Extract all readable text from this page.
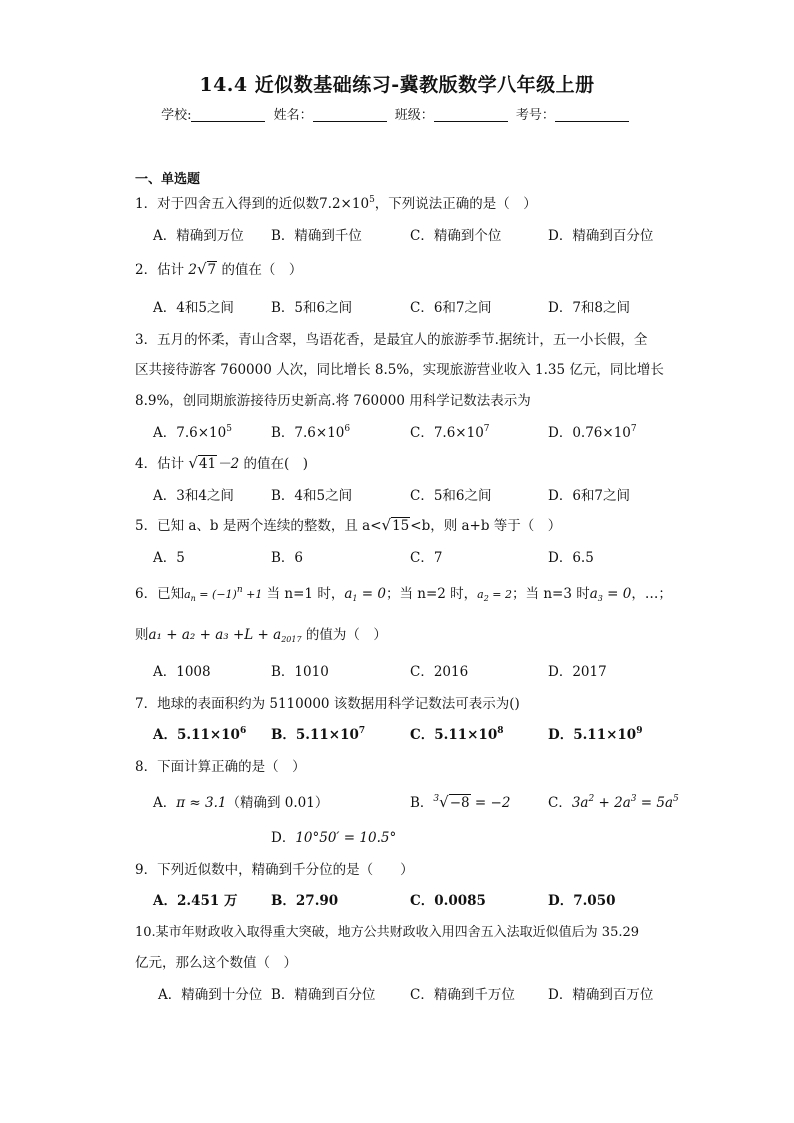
14.4 近似数基础练习-冀教版数学八年级上册
学校:	姓名：	班级：	考号：
一、单选题
1．对于四舍五入得到的近似数$7.2\times 10^5$，下列说法正确的是（　）
A．精确到万位 B．精确到千位	C．精确到个位	D．精确到百分位
2．估计 2√7 的值在（　）
A．4和5之间	B．5和6之间	C．6和7之间	D．7和8之间
3．五月的怀柔，青山含翠，鸟语花香，是最宜人的旅游季节.据统计，五一小长假，全
区共接待游客 760000 人次，同比增长 8.5%，实现旅游营业收入 1.35 亿元，同比增长
8.9%，创同期旅游接待历史新高.将 760000 用科学记数法表示为
A．$7.6\times 10^5$	B．$7.6\times 10^6$	C．$7.6\times 10^7$	D．$0.76\times 10^7$
4．估计 √41－2 的值在(　)
A．3和4之间	B．4和5之间	C．5和6之间	D．6和7之间
5．已知 a、b 是两个连续的整数，且 a<√15<b，则 a+b 等于（　）
A．5	B．6	C．7	D．6.5
6．已知$a_n = (-1)^n +1$ 当 n=1 时，$a_1 = 0$；当 n=2 时，$a_2 = 2$；当 n=3 时$a_3 = 0$，…；
则$a_1 + a_2 + a_3 +L + a_{2017}$ 的值为（　）
A．1008	B．1010	C．2016	D．2017
7．地球的表面积约为 5110000 该数据用科学记数法可表示为()
A．$5.11\times 10^6$ B．$5.11\times 10^7$	C．$5.11\times 10^8$	D．$5.11\times 10^9$
8．下面计算正确的是（　）
A．π ≈ 3.1（精确到 0.01）	B．$^3$√−8 = −2	C．$3a^2 + 2a^3 = 5a^5$
D．10°50′ = 10.5°
9．下列近似数中，精确到千分位的是（　　）
A．2.451 万 B．27.90	C．0.0085	D．7.050
10.某市年财政收入取得重大突破，地方公共财政收入用四舍五入法取近似值后为 35.29
亿元，那么这个数值（　）
A．精确到十分位 B．精确到百分位	C．精确到千万位 D．精确到百万位
